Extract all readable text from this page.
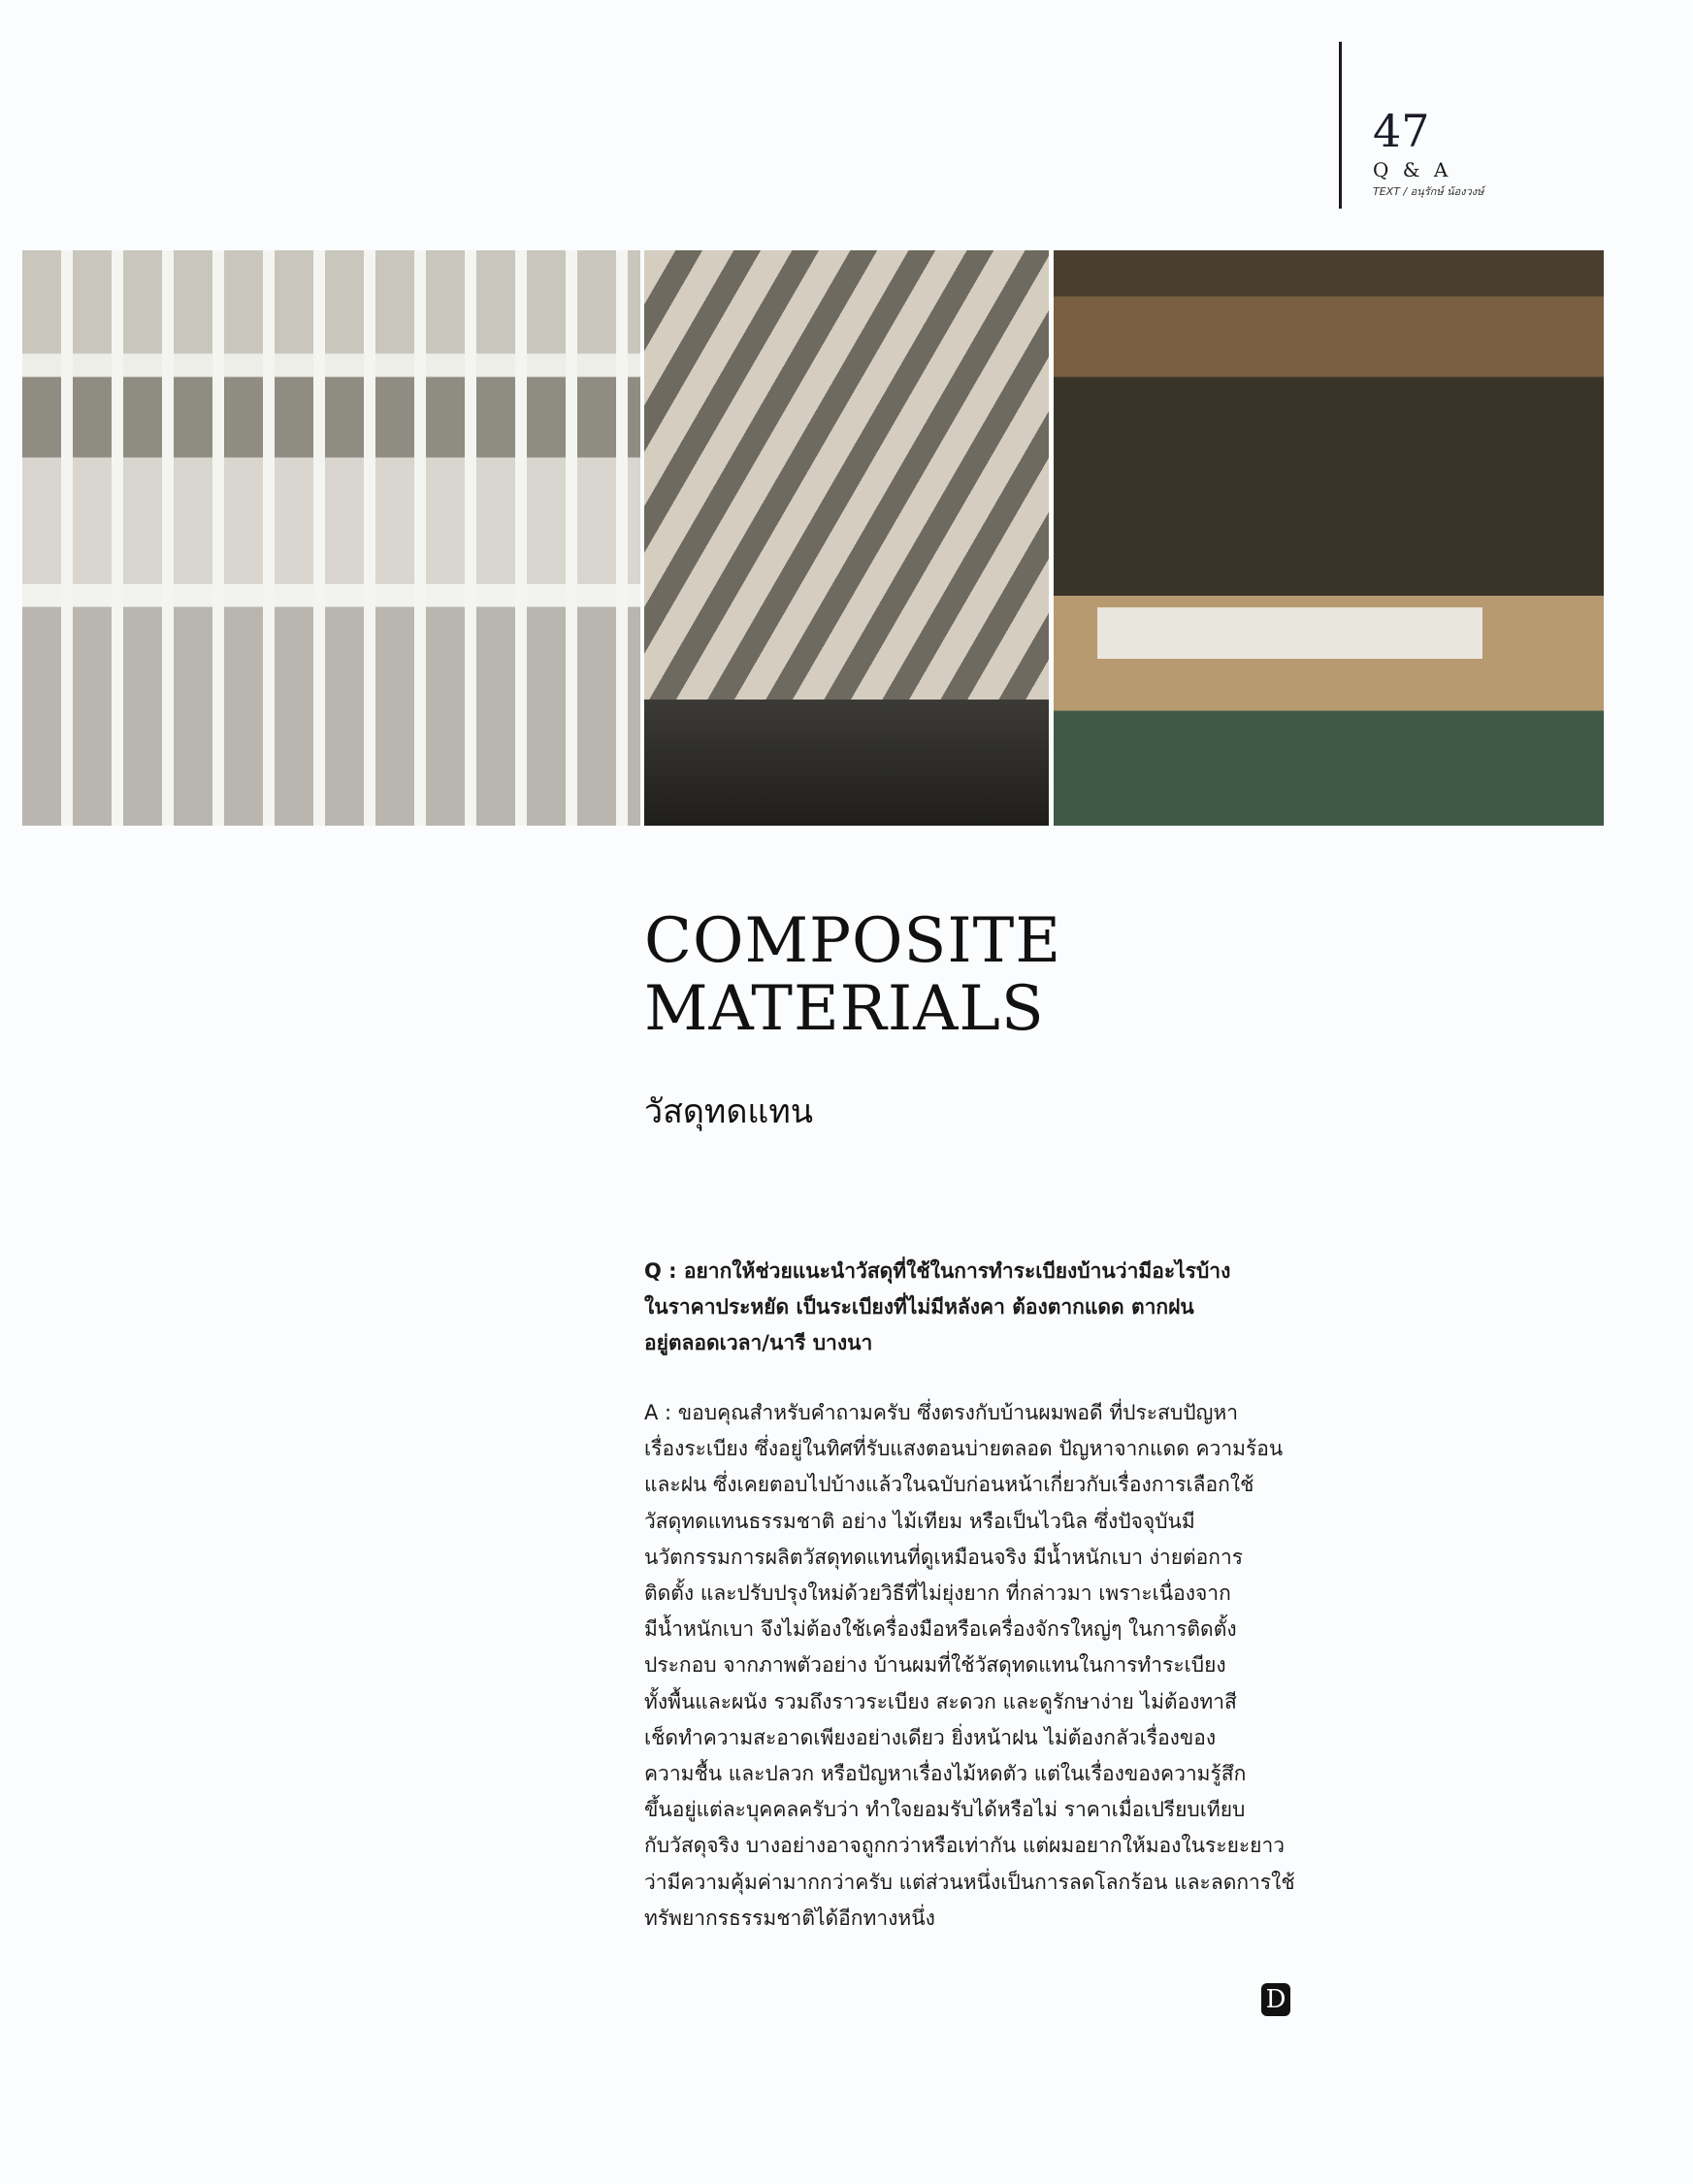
47
Q & A
TEXT / อนุรักษ์ น้องวงษ์
COMPOSITE
MATERIALS
วัสดุทดแทน
Q : อยากให้ช่วยแนะนำวัสดุที่ใช้ในการทำระเบียงบ้านว่ามีอะไรบ้าง
ในราคาประหยัด เป็นระเบียงที่ไม่มีหลังคา ต้องตากแดด ตากฝน
อยู่ตลอดเวลา/นารี บางนา
A : ขอบคุณสำหรับคำถามครับ ซึ่งตรงกับบ้านผมพอดี ที่ประสบปัญหา
เรื่องระเบียง ซึ่งอยู่ในทิศที่รับแสงตอนบ่ายตลอด ปัญหาจากแดด ความร้อน
และฝน ซึ่งเคยตอบไปบ้างแล้วในฉบับก่อนหน้าเกี่ยวกับเรื่องการเลือกใช้
วัสดุทดแทนธรรมชาติ อย่าง ไม้เทียม หรือเป็นไวนิล ซึ่งปัจจุบันมี
นวัตกรรมการผลิตวัสดุทดแทนที่ดูเหมือนจริง มีน้ำหนักเบา ง่ายต่อการ
ติดตั้ง และปรับปรุงใหม่ด้วยวิธีที่ไม่ยุ่งยาก ที่กล่าวมา เพราะเนื่องจาก
มีน้ำหนักเบา จึงไม่ต้องใช้เครื่องมือหรือเครื่องจักรใหญ่ๆ ในการติดตั้ง
ประกอบ จากภาพตัวอย่าง บ้านผมที่ใช้วัสดุทดแทนในการทำระเบียง
ทั้งพื้นและผนัง รวมถึงราวระเบียง สะดวก และดูรักษาง่าย ไม่ต้องทาสี
เช็ดทำความสะอาดเพียงอย่างเดียว ยิ่งหน้าฝน ไม่ต้องกลัวเรื่องของ
ความชื้น และปลวก หรือปัญหาเรื่องไม้หดตัว แต่ในเรื่องของความรู้สึก
ขึ้นอยู่แต่ละบุคคลครับว่า ทำใจยอมรับได้หรือไม่ ราคาเมื่อเปรียบเทียบ
กับวัสดุจริง บางอย่างอาจถูกกว่าหรือเท่ากัน แต่ผมอยากให้มองในระยะยาว
ว่ามีความคุ้มค่ามากกว่าครับ แต่ส่วนหนึ่งเป็นการลดโลกร้อน และลดการใช้
ทรัพยากรธรรมชาติได้อีกทางหนึ่ง
D
